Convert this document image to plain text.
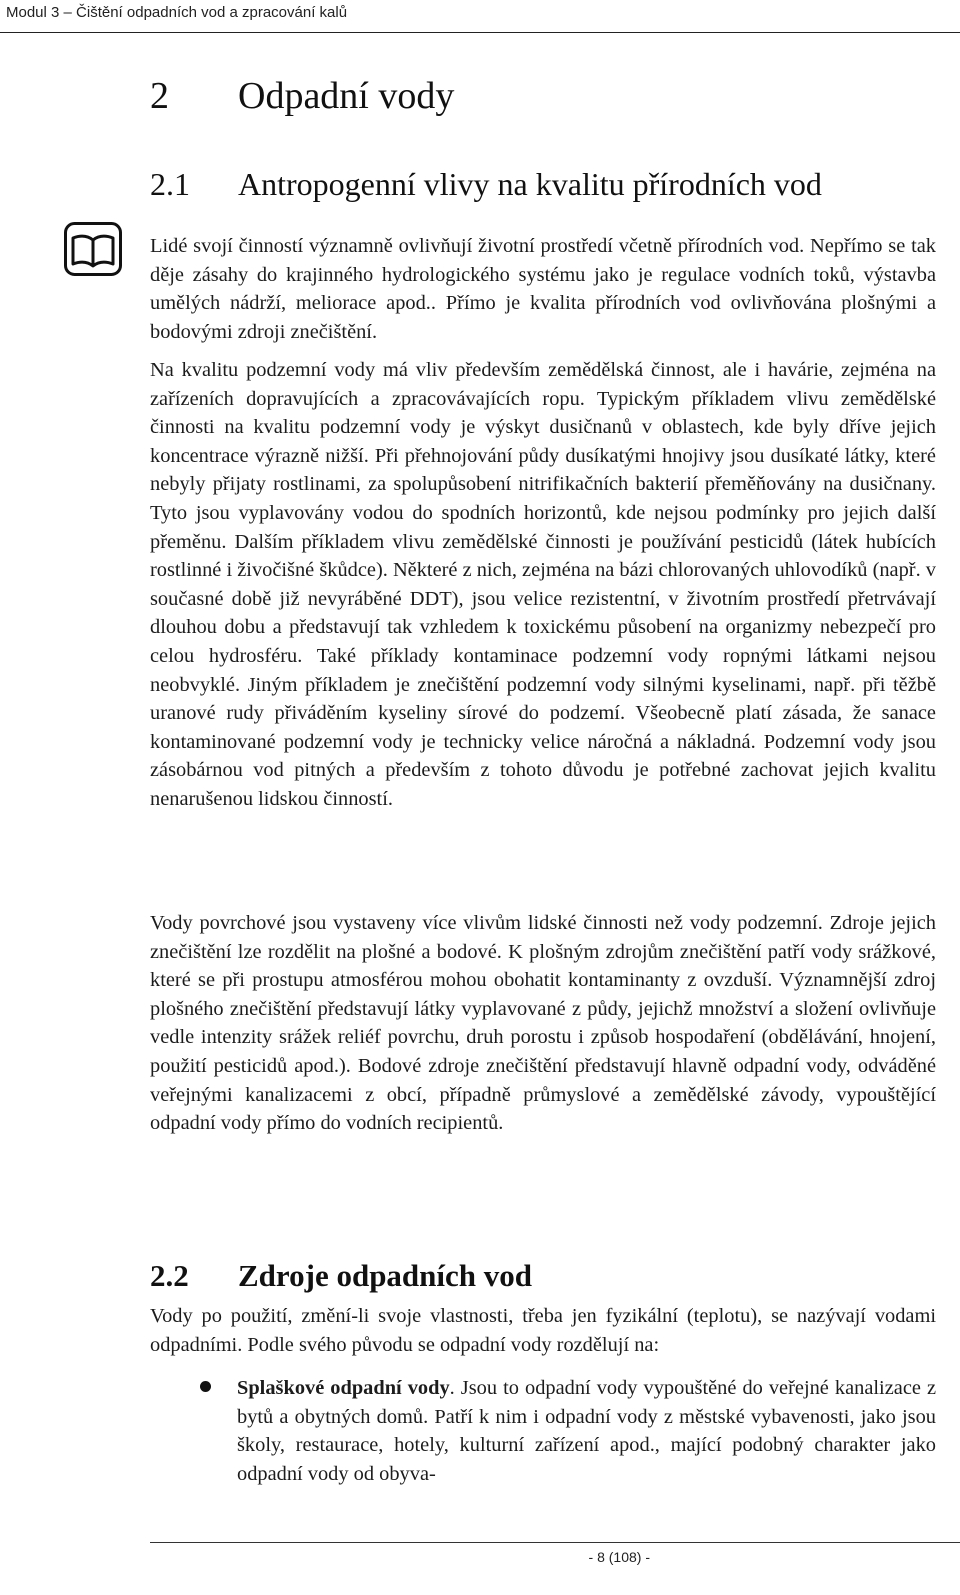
Modul 3 – Čištění odpadních vod a zpracování kalů
2 Odpadní vody
2.1 Antropogenní vlivy na kvalitu přírodních vod

Lidé svojí činností významně ovlivňují životní prostředí včetně přírodních vod. Nepřímo se tak děje zásahy do krajinného hydrologického systému jako je regulace vodních toků, výstavba umělých nádrží, meliorace apod.. Přímo je kvalita přírodních vod ovlivňována plošnými a bodovými zdroji znečištění.

Na kvalitu podzemní vody má vliv především zemědělská činnost, ale i havárie, zejména na zařízeních dopravujících a zpracovávajících ropu. Typickým příkladem vlivu zemědělské činnosti na kvalitu podzemní vody je výskyt dusičnanů v oblastech, kde byly dříve jejich koncentrace výrazně nižší. Při přehnojování půdy dusíkatými hnojivy jsou dusíkaté látky, které nebyly přijaty rostlinami, za spolupůsobení nitrifikačních bakterií přeměňovány na dusičnany. Tyto jsou vyplavovány vodou do spodních horizontů, kde nejsou podmínky pro jejich další přeměnu. Dalším příkladem vlivu zemědělské činnosti je používání pesticidů (látek hubících rostlinné i živočišné škůdce). Některé z nich, zejména na bázi chlorovaných uhlovodíků (např. v současné době již nevyráběné DDT), jsou velice rezistentní, v životním prostředí přetrvávají dlouhou dobu a představují tak vzhledem k toxickému působení na organizmy nebezpečí pro celou hydrosféru. Také příklady kontaminace podzemní vody ropnými látkami nejsou neobvyklé. Jiným příkladem je znečištění podzemní vody silnými kyselinami, např. při těžbě uranové rudy přiváděním kyseliny sírové do podzemí. Všeobecně platí zásada, že sanace kontaminované podzemní vody je technicky velice náročná a nákladná. Podzemní vody jsou zásobárnou vod pitných a především z tohoto důvodu je potřebné zachovat jejich kvalitu nenarušenou lidskou činností.

Vody povrchové jsou vystaveny více vlivům lidské činnosti než vody podzemní. Zdroje jejich znečištění lze rozdělit na plošné a bodové. K plošným zdrojům znečištění patří vody srážkové, které se při prostupu atmosférou mohou obohatit kontaminanty z ovzduší. Významnější zdroj plošného znečištění představují látky vyplavované z půdy, jejichž množství a složení ovlivňuje vedle intenzity srážek reliéf povrchu, druh porostu i způsob hospodaření (obdělávání, hnojení, použití pesticidů apod.). Bodové zdroje znečištění představují hlavně odpadní vody, odváděné veřejnými kanalizacemi z obcí, případně průmyslové a zemědělské závody, vypouštějící odpadní vody přímo do vodních recipientů.

2.2 Zdroje odpadních vod

Vody po použití, změní-li svoje vlastnosti, třeba jen fyzikální (teplotu), se nazývají vodami odpadními. Podle svého původu se odpadní vody rozdělují na:

Splaškové odpadní vody. Jsou to odpadní vody vypouštěné do veřejné kanalizace z bytů a obytných domů. Patří k nim i odpadní vody z městské vybavenosti, jako jsou školy, restaurace, hotely, kulturní zařízení apod., mající podobný charakter jako odpadní vody od obyva-
- 8 (108) -
